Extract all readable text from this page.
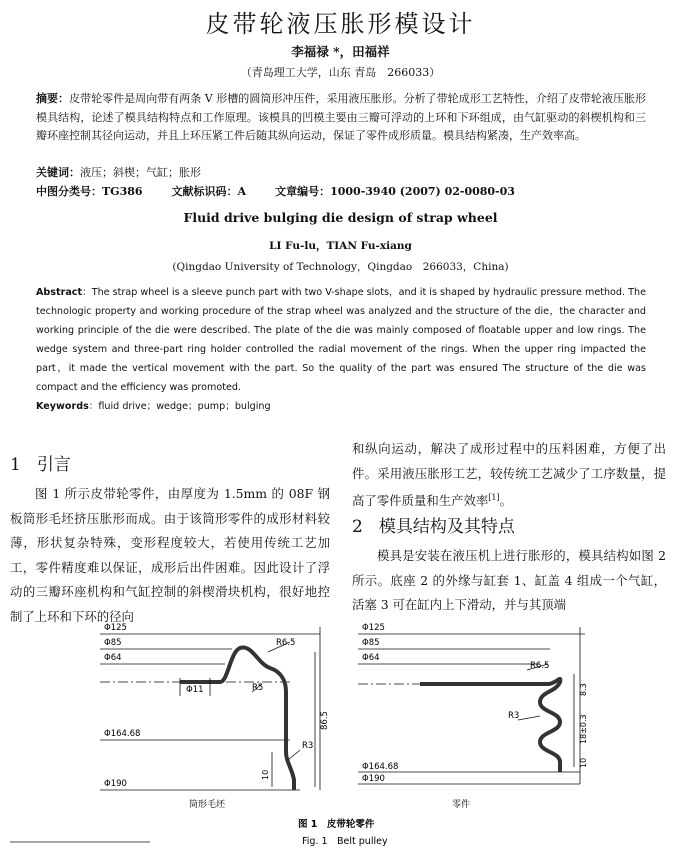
皮带轮液压胀形模设计
李福禄 *，田福祥
（青岛理工大学，山东 青岛　266033）
摘要：皮带轮零件是周向带有两条 V 形槽的圆筒形冲压件，采用液压胀形。分析了带轮成形工艺特性，介绍了皮带轮液压胀形模具结构，论述了模具结构特点和工作原理。该模具的凹模主要由三瓣可浮动的上环和下环组成，由气缸驱动的斜楔机构和三瓣环座控制其径向运动，并且上环压紧工件后随其纵向运动，保证了零件成形质量。模具结构紧凑，生产效率高。
关键词：液压；斜楔；气缸；胀形
中图分类号：TG386	文献标识码：A	文章编号：1000-3940 (2007) 02-0080-03
Fluid drive bulging die design of strap wheel
LI Fu-lu，TIAN Fu-xiang
(Qingdao University of Technology，Qingdao　266033，China)
Abstract：The strap wheel is a sleeve punch part with two V-shape slots，and it is shaped by hydraulic pressure method. The technologic property and working procedure of the strap wheel was analyzed and the structure of the die，the character and working principle of the die were described. The plate of the die was mainly composed of floatable upper and low rings. The wedge system and three-part ring holder controlled the radial movement of the rings. When the upper ring impacted the part，it made the vertical movement with the part. So the quality of the part was ensured The structure of the die was compact and the efficiency was promoted.
Keywords：fluid drive；wedge；pump；bulging
1 引言
图 1 所示皮带轮零件，由厚度为 1.5mm 的 08F 钢板筒形毛坯挤压胀形而成。由于该筒形零件的成形材料较薄，形状复杂特殊，变形程度较大，若使用传统工艺加工，零件精度难以保证，成形后出件困难。因此设计了浮动的三瓣环座机构和气缸控制的斜楔滑块机构，很好地控制了上环和下环的径向
和纵向运动，解决了成形过程中的压料困难，方便了出件。采用液压胀形工艺，较传统工艺减少了工序数量，提高了零件质量和生产效率[1]。
2 模具结构及其特点
模具是安装在液压机上进行胀形的，模具结构如图 2 所示。底座 2 的外缘与缸套 1、缸盖 4 组成一个气缸，活塞 3 可在缸内上下滑动，并与其顶端
Φ125
Φ85
Φ64
Φ11
R6.5
R5
Φ164.68
R3
Φ190
86.5
10
筒形毛坯
Φ125
Φ85
Φ64
R6.5
R3
Φ164.68
Φ190
8.3
18±0.3
10
零件
图 1　皮带轮零件
Fig. 1　Belt pulley
